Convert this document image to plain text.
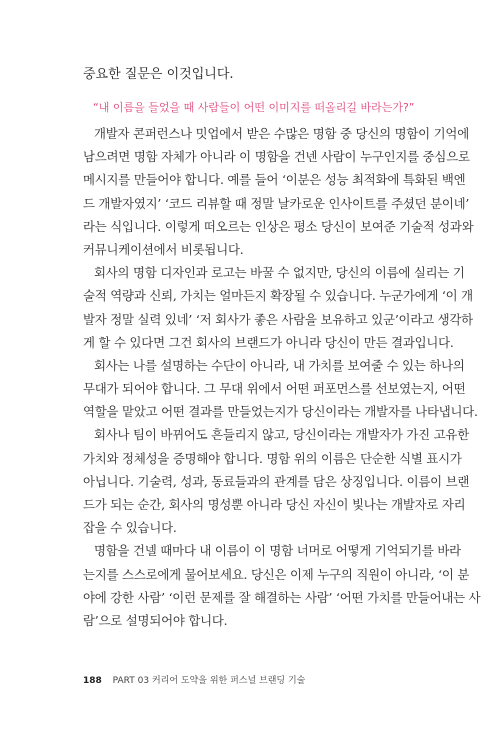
중요한 질문은 이것입니다.
“내 이름을 들었을 때 사람들이 어떤 이미지를 떠올리길 바라는가?”
개발자 콘퍼런스나 밋업에서 받은 수많은 명함 중 당신의 명함이 기억에
남으려면 명함 자체가 아니라 이 명함을 건넨 사람이 누구인지를 중심으로
메시지를 만들어야 합니다. 예를 들어 ‘이분은 성능 최적화에 특화된 백엔
드 개발자였지’ ‘코드 리뷰할 때 정말 날카로운 인사이트를 주셨던 분이네’
라는 식입니다. 이렇게 떠오르는 인상은 평소 당신이 보여준 기술적 성과와
커뮤니케이션에서 비롯됩니다.
회사의 명함 디자인과 로고는 바꿀 수 없지만, 당신의 이름에 실리는 기
술적 역량과 신뢰, 가치는 얼마든지 확장될 수 있습니다. 누군가에게 ‘이 개
발자 정말 실력 있네’ ‘저 회사가 좋은 사람을 보유하고 있군’이라고 생각하
게 할 수 있다면 그건 회사의 브랜드가 아니라 당신이 만든 결과입니다.
회사는 나를 설명하는 수단이 아니라, 내 가치를 보여줄 수 있는 하나의
무대가 되어야 합니다. 그 무대 위에서 어떤 퍼포먼스를 선보였는지, 어떤
역할을 맡았고 어떤 결과를 만들었는지가 당신이라는 개발자를 나타냅니다.
회사나 팀이 바뀌어도 흔들리지 않고, 당신이라는 개발자가 가진 고유한
가치와 정체성을 증명해야 합니다. 명함 위의 이름은 단순한 식별 표시가
아닙니다. 기술력, 성과, 동료들과의 관계를 담은 상징입니다. 이름이 브랜
드가 되는 순간, 회사의 명성뿐 아니라 당신 자신이 빛나는 개발자로 자리
잡을 수 있습니다.
명함을 건넬 때마다 내 이름이 이 명함 너머로 어떻게 기억되기를 바라
는지를 스스로에게 물어보세요. 당신은 이제 누구의 직원이 아니라, ‘이 분
야에 강한 사람’ ‘이런 문제를 잘 해결하는 사람’ ‘어떤 가치를 만들어내는 사
람’으로 설명되어야 합니다.
188 PART 03 커리어 도약을 위한 퍼스널 브랜딩 기술
